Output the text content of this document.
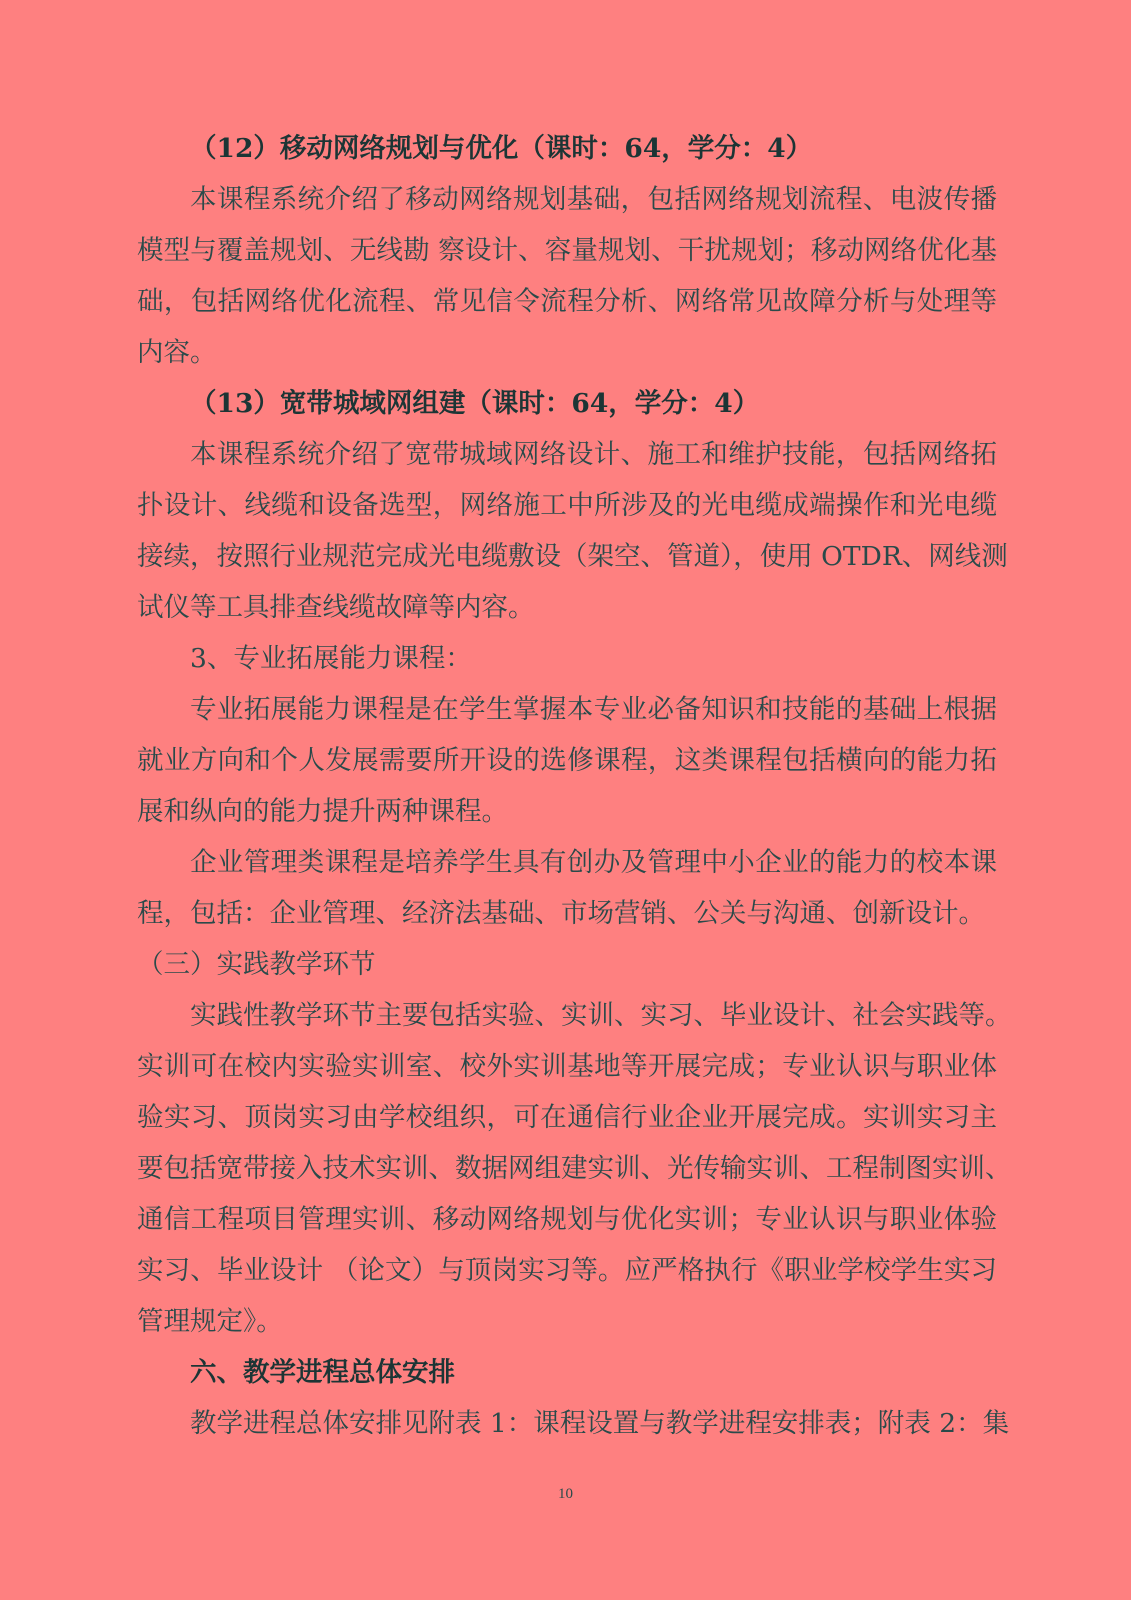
（12）移动网络规划与优化（课时：64，学分：4）
本课程系统介绍了移动网络规划基础，包括网络规划流程、电波传播
模型与覆盖规划、无线勘 察设计、容量规划、干扰规划；移动网络优化基
础，包括网络优化流程、常见信令流程分析、网络常见故障分析与处理等
内容。
（13）宽带城域网组建（课时：64，学分：4）
本课程系统介绍了宽带城域网络设计、施工和维护技能，包括网络拓
扑设计、线缆和设备选型，网络施工中所涉及的光电缆成端操作和光电缆
接续，按照行业规范完成光电缆敷设（架空、管道），使用 OTDR、网线测
试仪等工具排查线缆故障等内容。
3、专业拓展能力课程：
专业拓展能力课程是在学生掌握本专业必备知识和技能的基础上根据
就业方向和个人发展需要所开设的选修课程，这类课程包括横向的能力拓
展和纵向的能力提升两种课程。
企业管理类课程是培养学生具有创办及管理中小企业的能力的校本课
程，包括：企业管理、经济法基础、市场营销、公关与沟通、创新设计。
（三）实践教学环节
实践性教学环节主要包括实验、实训、实习、毕业设计、社会实践等。
实训可在校内实验实训室、校外实训基地等开展完成；专业认识与职业体
验实习、顶岗实习由学校组织，可在通信行业企业开展完成。实训实习主
要包括宽带接入技术实训、数据网组建实训、光传输实训、工程制图实训、
通信工程项目管理实训、移动网络规划与优化实训；专业认识与职业体验
实习、毕业设计 （论文）与顶岗实习等。应严格执行《职业学校学生实习
管理规定》。
六、教学进程总体安排
教学进程总体安排见附表 1：课程设置与教学进程安排表；附表 2：集
10
